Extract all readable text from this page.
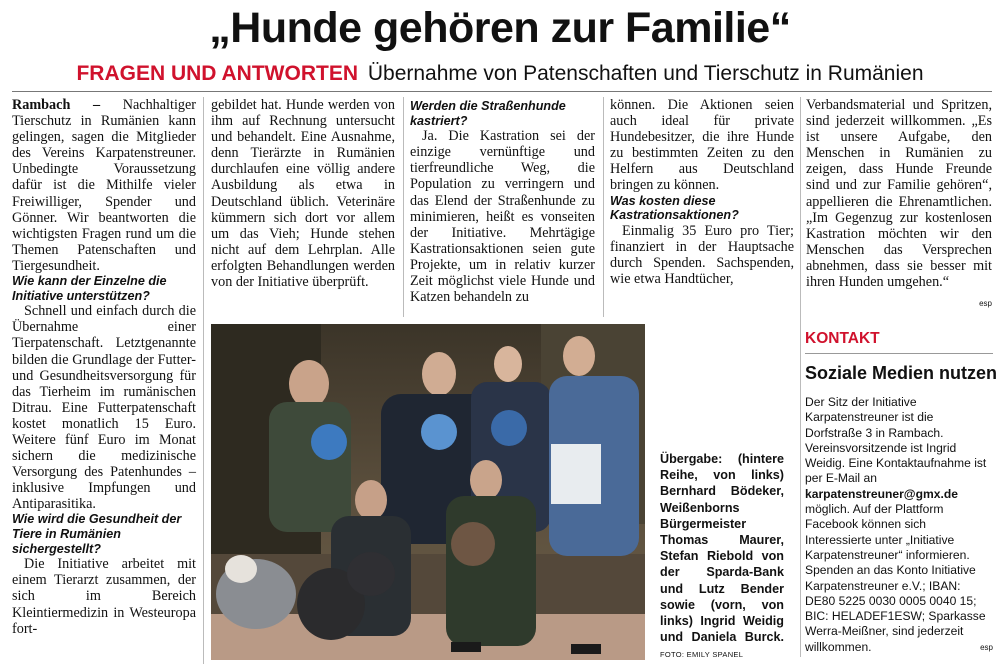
„Hunde gehören zur Familie“
FRAGEN UND ANTWORTEN Übernahme von Patenschaften und Tierschutz in Rumänien

Rambach – Nachhaltiger Tierschutz in Rumänien kann gelingen, sagen die Mitglieder des Vereins Karpatenstreuner. Unbedingte Voraussetzung dafür ist die Mithilfe vieler Freiwilliger, Spender und Gönner. Wir beantworten die wichtigsten Fragen rund um die Themen Patenschaften und Tiergesundheit.

Wie kann der Einzelne die Initiative unterstützen?

Schnell und einfach durch die Übernahme einer Tierpatenschaft. Letztgenannte bilden die Grundlage der Futter- und Gesundheitsversorgung für das Tierheim im rumänischen Ditrau. Eine Futterpatenschaft kostet monatlich 15 Euro. Weitere fünf Euro im Monat sichern die medizinische Versorgung des Patenhundes – inklusive Impfungen und Antiparasitika.

Wie wird die Gesundheit der Tiere in Rumänien sichergestellt?

Die Initiative arbeitet mit einem Tierarzt zusammen, der sich im Bereich Kleintiermedizin in Westeuropa fort-

gebildet hat. Hunde werden von ihm auf Rechnung untersucht und behandelt. Eine Ausnahme, denn Tierärzte in Rumänien durchlaufen eine völlig andere Ausbildung als etwa in Deutschland üblich. Veterinäre kümmern sich dort vor allem um das Vieh; Hunde stehen nicht auf dem Lehrplan. Alle erfolgten Behandlungen werden von der Initiative überprüft.

Werden die Straßenhunde kastriert?

Ja. Die Kastration sei der einzige vernünftige und tierfreundliche Weg, die Population zu verringern und das Elend der Straßenhunde zu minimieren, heißt es vonseiten der Initiative. Mehrtägige Kastrationsaktionen seien gute Projekte, um in relativ kurzer Zeit möglichst viele Hunde und Katzen behandeln zu

können. Die Aktionen seien auch ideal für private Hundebesitzer, die ihre Hunde zu bestimmten Zeiten zu den Helfern aus Deutschland bringen zu können.

Was kosten diese Kastrationsaktionen?

Einmalig 35 Euro pro Tier; finanziert in der Hauptsache durch Spenden. Sachspenden, wie etwa Handtücher,

Verbandsmaterial und Spritzen, sind jederzeit willkommen. „Es ist unsere Aufgabe, den Menschen in Rumänien zu zeigen, dass Hunde Freunde sind und zur Familie gehören“, appellieren die Ehrenamtlichen. „Im Gegenzug zur kostenlosen Kastration möchten wir den Menschen das Versprechen abnehmen, dass sie besser mit ihren Hunden umgehen.“

esp
Übergabe: (hintere Reihe, von links) Bernhard Bödeker, Weißenborns Bürgermeister Thomas Maurer, Stefan Riebold von der Sparda-Bank und Lutz Bender sowie (vorn, von links) Ingrid Weidig und Daniela Burck. FOTO: EMILY SPANEL
KONTAKT
Soziale Medien nutzen
Der Sitz der Initiative Karpatenstreuner ist die Dorfstraße 3 in Rambach. Vereinsvorsitzende ist Ingrid Weidig. Eine Kontaktaufnahme ist per E-Mail an karpatenstreuner@gmx.de möglich. Auf der Plattform Facebook können sich Interessierte unter „Initiative Karpatenstreuner“ informieren. Spenden an das Konto Initiative Karpatenstreuner e.V.; IBAN: DE80 5225 0030 0005 0040 15; BIC: HELADEF1ESW; Sparkasse Werra-Meißner, sind jederzeit willkommen.	esp
